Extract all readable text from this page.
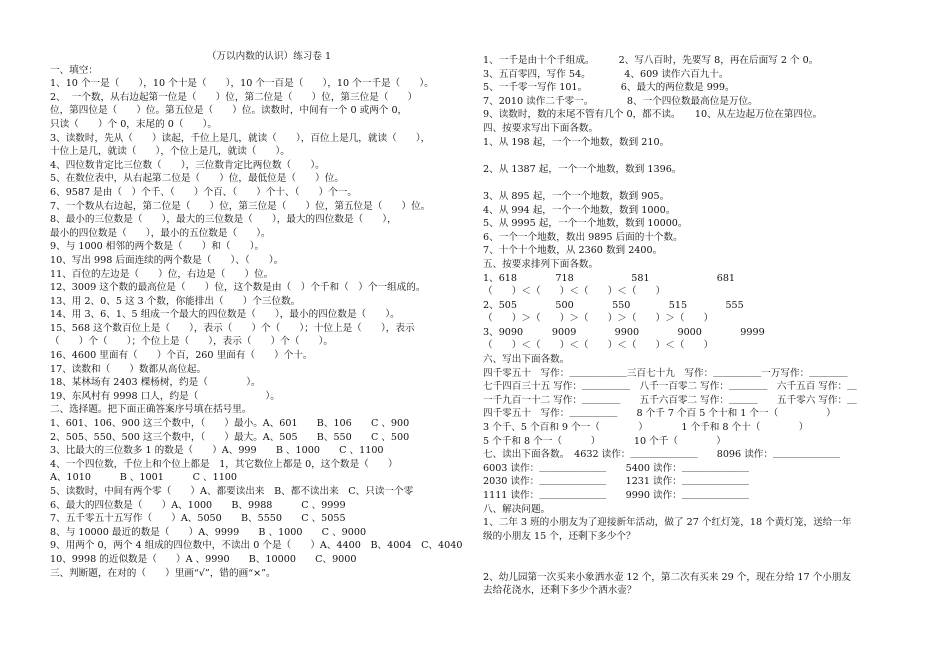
（万以内数的认识）练习卷 1
一、填空：
1、10 个一是（　　），10 个十是（　　），10 个一百是（　　），10 个一千是（　　）。
2、  一个数，从右边起第一位是（　　）位，第二位是（　　）位，第三位是（　　）
位，第四位是（　　）位。第五位是（　　）位。读数时，中间有一个 0 或两个 0，
只读（　　）个 0，末尾的 0（　　）。
3、读数时，先从（　　）读起，千位上是几，就读（　　），百位上是几，就读（　　），
十位上是几，就读（　　），个位上是几，就读（　　）。
4、四位数肯定比三位数（　　），三位数肯定比两位数（　　）。
5、在数位表中，从右起第二位是（　　）位，最低位是（　　）位。
6、9587 是由（　）个千、（　　）个百、（　　）个十、（　　）个一。
7、一个数从右边起，第二位是（　　）位，第三位是（　　）位，第五位是（　　）位。
8、最小的三位数是（　　），最大的三位数是（　　），最大的四位数是（　　），
最小的四位数是（　　），最小的五位数是（　　）。
9、与 1000 相邻的两个数是（　　）和（　　）。
10、写出 998 后面连续的两个数是（　　）、（　　）。
11、百位的左边是（　　）位，右边是（　　）位。
12、3009 这个数的最高位是（　　）位，这个数是由（　）个千和（　）个一组成的。
13、用 2、0、5 这 3 个数，你能排出（　　）个三位数。
14、用 3、6、1、5 组成一个最大的四位数是（　　），最小的四位数是（　　）。
15、568 这个数百位上是（　　），表示（　　）个（　　）；十位上是（　　），表示
（　　）个（　　）；个位上是（　　），表示（　　）个（　　）。
16、4600 里面有（　　）个百，260 里面有（　　）个十。
17、读数和（　　）数都从高位起。
18、某林场有 2403 棵杨树，约是（　　　　）。
19、东风村有 9998 口人，约是（　　　　　　　）。
二、选择题。把下面正确答案序号填在括号里。
1、601、106、900 这三个数中，（　　）最小。A、601　　B、106　　C 、900
2、505、550、500 这三个数中，（　　）最大。A、505　　B、550　　C 、500
3、比最大的三位数多 1 的数是（　　）A、999　　B 、1000　　C 、1100
4、一个四位数，千位上和个位上都是　1，其它数位上都是 0，这个数是（　　）
A、1010　　　B 、1001　　　C 、1100
5、读数时，中间有两个零（　　）A、都要读出来　B、都不读出来　C、只读一个零
6、最大的四位数是（　　）A、1000　　B、9988　　　C 、9999
7、五千零五十五写作（　　）A、5050　　B、5550　　C 、5055
8、与 10000 最近的数是（　　）A、9999　　B 、1000　　C 、9000
9、用两个 0，两个 4 组成的四位数中，不读出 0 个是（　　）A、4400　B、4004　C、4040
10、9998 的近似数是（　　）A 、9990　　B、10000　　C、9000
三、判断题，在对的（　　）里画“√”，错的画“×”。
1、一千是由十个千组成。　　　2、写八百时，先要写 8，再在后面写 2 个 0。
3、五百零四，写作 54。　　　　4、609 读作六百九十。
5、一千零一写作 101。　　　　6、最大的两位数是 999。
7、2010 读作二千零一。　　　　8、一个四位数最高位是万位。
9、读数时，数的末尾不管有几个 0，都不读。　　10、从左边起万位在第四位。
四、按要求写出下面各数。
1、从 198 起，一个一个地数，数到 210。
2、从 1387 起，一个一个地数，数到 1396。
3、从 895 起，一个一个地数，数到 905。
4、从 994 起，一个一个地数，数到 1000。
5、从 9995 起，一个一个地数，数到 10000。
6、一个一个地数，数出 9895 后面的十个数。
7、十个十个地数，从 2360 数到 2400。
五、按要求排列下面各数。
1、618　　　　718　　　　　　581　　　　　　　681
（　　）＜（　　）＜（　　）＜（　　）
2、505　　　　500　　　　550　　　　515　　　　555
（　　）＞（　　）＞（　　）＞（　　）＞（　　）
3、9090　　　9009　　　　9900　　　　9000　　　　9999
（　　）＜（　　）＜（　　）＜（　　）＜（　　）
六、写出下面各数。
四千零五十　写作：＿＿＿＿＿＿三百七十九　写作：＿＿＿＿＿一万写作：＿＿＿＿
七千四百三十五 写作：＿＿＿＿＿　八千一百零二 写作：＿＿＿＿　六千五百 写作：＿
一千九百一十二 写作：＿＿＿＿　　五千六百零二 写作：＿＿＿　　五千零六 写作：＿
四千零五十　写作：＿＿＿＿＿　　8 个千 7 个百 5 个十和 1 个一（　　　　　）
3 个千、5 个百和 9 个一（　　　　）　　　　1 个千和 8 个十（　　　　）
5 个千和 8 个一（　　　）　　　　10 个千（　　　　）
七、读出下面各数。　4632 读作：＿＿＿＿＿＿＿　　8096 读作：＿＿＿＿＿＿＿
6003 读作：＿＿＿＿＿＿＿　　5400 读作：＿＿＿＿＿＿＿
2030 读作：＿＿＿＿＿＿＿　　1231 读作：＿＿＿＿＿＿＿
1111 读作：＿＿＿＿＿＿＿　　9990 读作：＿＿＿＿＿＿＿
八、解决问题。
1、二年 3 班的小朋友为了迎接新年活动，做了 27 个红灯笼，18 个黄灯笼，送给一年
级的小朋友 15 个，还剩下多少个？
2、幼儿园第一次买来小象洒水壶 12 个，第二次有买来 29 个，现在分给 17 个小朋友
去给花浇水，还剩下多少个洒水壶？
